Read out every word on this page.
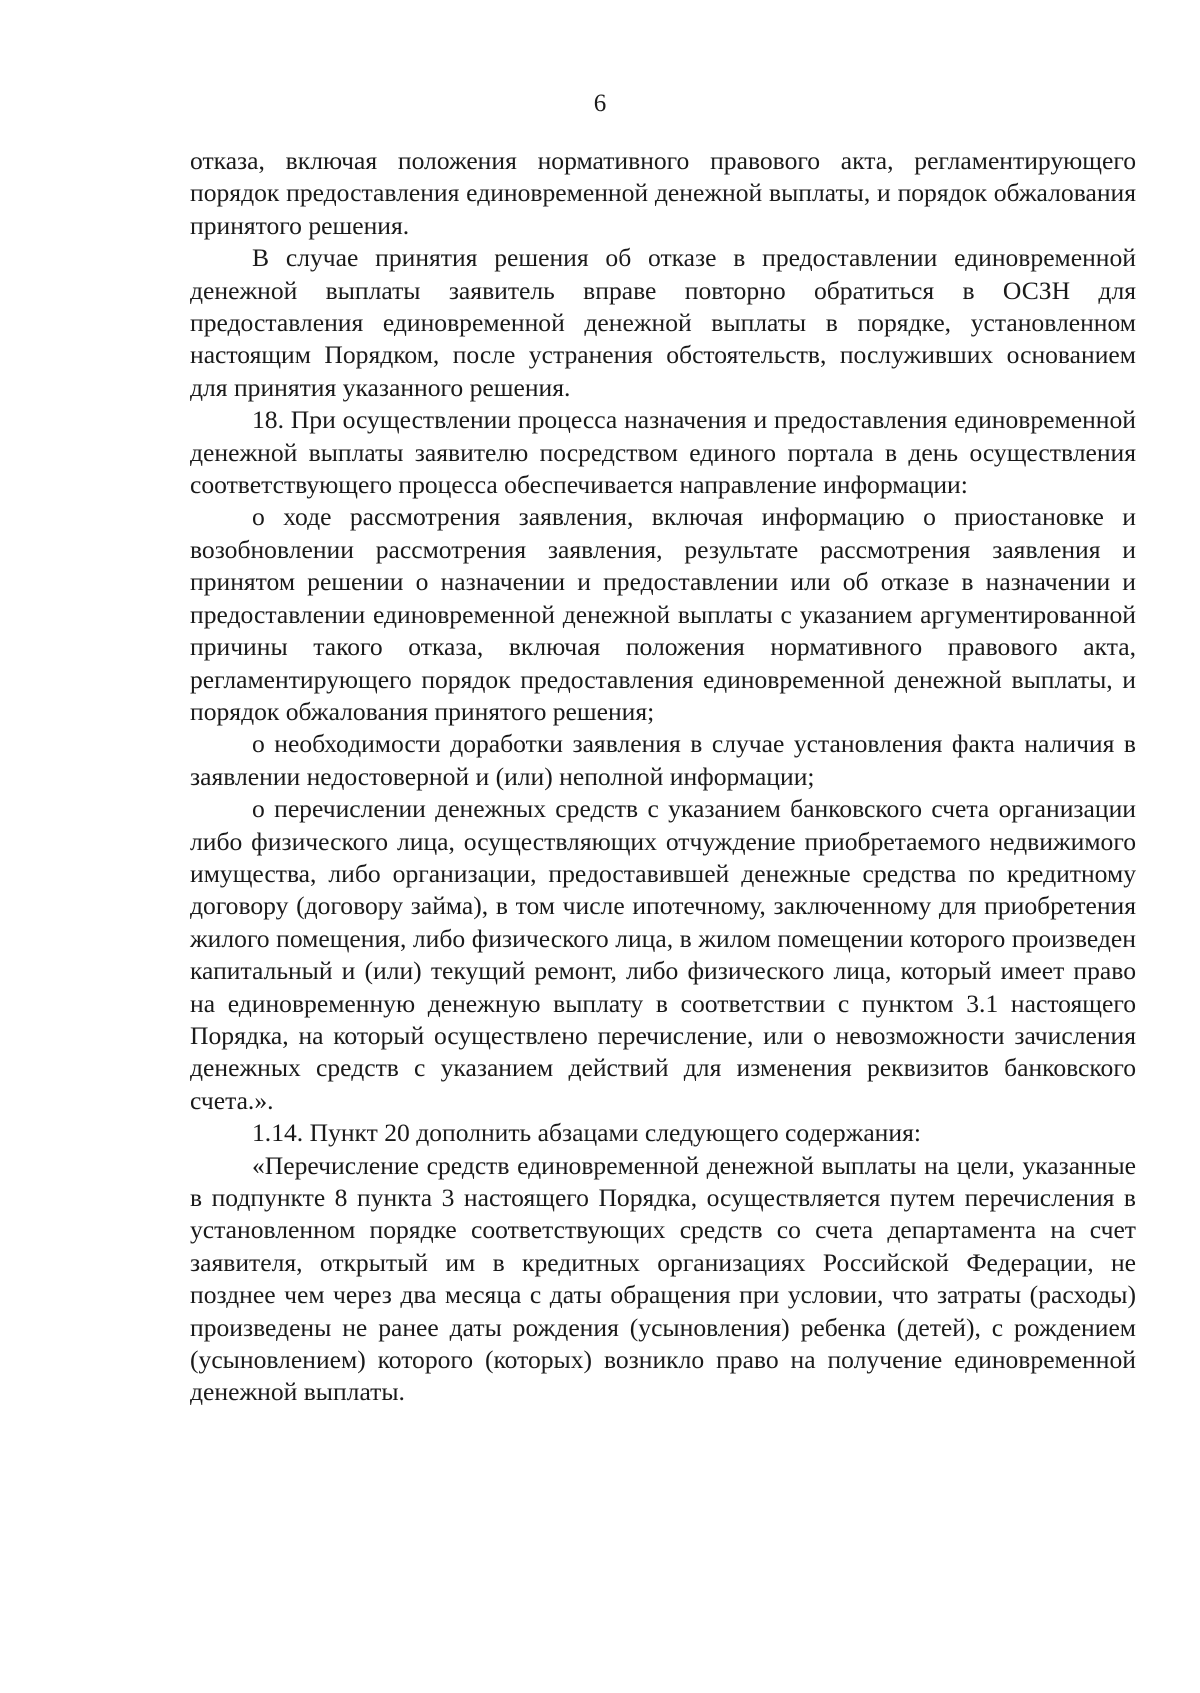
6

отказа, включая положения нормативного правового акта, регламентирующего порядок предоставления единовременной денежной выплаты, и порядок обжалования принятого решения.

В случае принятия решения об отказе в предоставлении единовременной денежной выплаты заявитель вправе повторно обратиться в ОСЗН для предоставления единовременной денежной выплаты в порядке, установленном настоящим Порядком, после устранения обстоятельств, послуживших основанием для принятия указанного решения.

18. При осуществлении процесса назначения и предоставления единовременной денежной выплаты заявителю посредством единого портала в день осуществления соответствующего процесса обеспечивается направление информации:

о ходе рассмотрения заявления, включая информацию о приостановке и возобновлении рассмотрения заявления, результате рассмотрения заявления и принятом решении о назначении и предоставлении или об отказе в назначении и предоставлении единовременной денежной выплаты с указанием аргументированной причины такого отказа, включая положения нормативного правового акта, регламентирующего порядок предоставления единовременной денежной выплаты, и порядок обжалования принятого решения;

о необходимости доработки заявления в случае установления факта наличия в заявлении недостоверной и (или) неполной информации;

о перечислении денежных средств с указанием банковского счета организации либо физического лица, осуществляющих отчуждение приобретаемого недвижимого имущества, либо организации, предоставившей денежные средства по кредитному договору (договору займа), в том числе ипотечному, заключенному для приобретения жилого помещения, либо физического лица, в жилом помещении которого произведен капитальный и (или) текущий ремонт, либо физического лица, который имеет право на единовременную денежную выплату в соответствии с пунктом 3.1 настоящего Порядка, на который осуществлено перечисление, или о невозможности зачисления денежных средств с указанием действий для изменения реквизитов банковского счета.».

1.14. Пункт 20 дополнить абзацами следующего содержания:

«Перечисление средств единовременной денежной выплаты на цели, указанные в подпункте 8 пункта 3 настоящего Порядка, осуществляется путем перечисления в установленном порядке соответствующих средств со счета департамента на счет заявителя, открытый им в кредитных организациях Российской Федерации, не позднее чем через два месяца с даты обращения при условии, что затраты (расходы) произведены не ранее даты рождения (усыновления) ребенка (детей), с рождением (усыновлением) которого (которых) возникло право на получение единовременной денежной выплаты.
